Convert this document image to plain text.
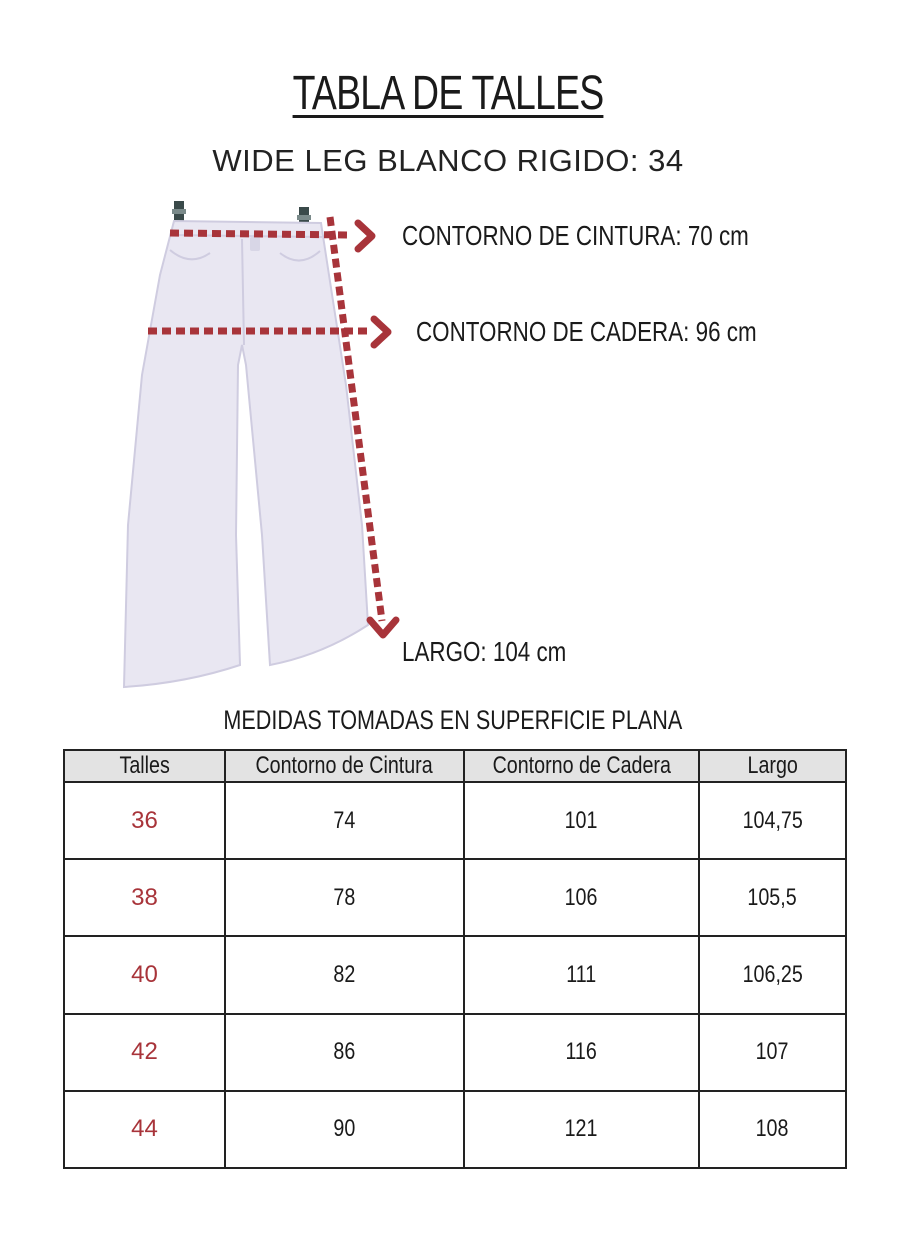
TABLA DE TALLES
WIDE LEG BLANCO RIGIDO: 34
CONTORNO DE CINTURA: 70 cm
CONTORNO DE CADERA: 96 cm
LARGO: 104 cm
MEDIDAS TOMADAS EN SUPERFICIE PLANA
Talles	Contorno de Cintura	Contorno de Cadera	Largo
36	74	101	104,75
38	78	106	105,5
40	82	111	106,25
42	86	116	107
44	90	121	108
